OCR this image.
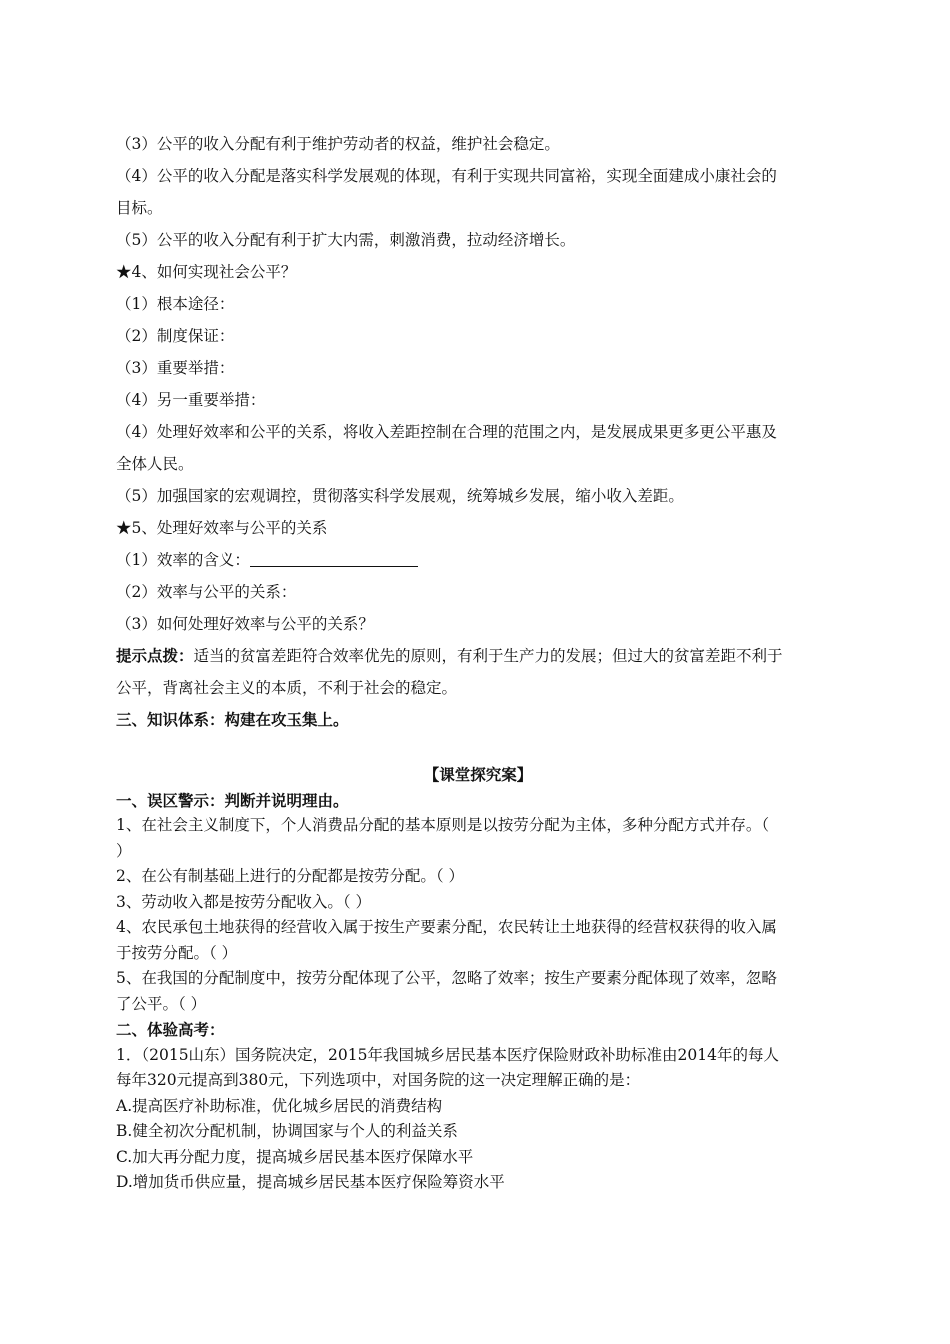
（3）公平的收入分配有利于维护劳动者的权益，维护社会稳定。
（4）公平的收入分配是落实科学发展观的体现，有利于实现共同富裕，实现全面建成小康社会的
目标。
（5）公平的收入分配有利于扩大内需，刺激消费，拉动经济增长。
★4、如何实现社会公平？
（1）根本途径：
（2）制度保证：
（3）重要举措：
（4）另一重要举措：
（4）处理好效率和公平的关系，将收入差距控制在合理的范围之内，是发展成果更多更公平惠及
全体人民。
（5）加强国家的宏观调控，贯彻落实科学发展观，统筹城乡发展，缩小收入差距。
★5、处理好效率与公平的关系
（1）效率的含义：
（2）效率与公平的关系：
（3）如何处理好效率与公平的关系？
提示点拨：适当的贫富差距符合效率优先的原则，有利于生产力的发展；但过大的贫富差距不利于
公平，背离社会主义的本质，不利于社会的稳定。
三、知识体系：构建在攻玉集上。
【课堂探究案】
一、误区警示：判断并说明理由。
1、在社会主义制度下，个人消费品分配的基本原则是以按劳分配为主体，多种分配方式并存。（
）
2、在公有制基础上进行的分配都是按劳分配。（ ）
3、劳动收入都是按劳分配收入。（ ）
4、农民承包土地获得的经营收入属于按生产要素分配，农民转让土地获得的经营权获得的收入属
于按劳分配。（ ）
5、在我国的分配制度中，按劳分配体现了公平，忽略了效率；按生产要素分配体现了效率，忽略
了公平。（ ）
二、体验高考：
1．（2015山东）国务院决定，2015年我国城乡居民基本医疗保险财政补助标准由2014年的每人
每年320元提高到380元，下列选项中，对国务院的这一决定理解正确的是：
A.提高医疗补助标准，优化城乡居民的消费结构
B.健全初次分配机制，协调国家与个人的利益关系
C.加大再分配力度，提高城乡居民基本医疗保障水平
D.增加货币供应量，提高城乡居民基本医疗保险筹资水平
